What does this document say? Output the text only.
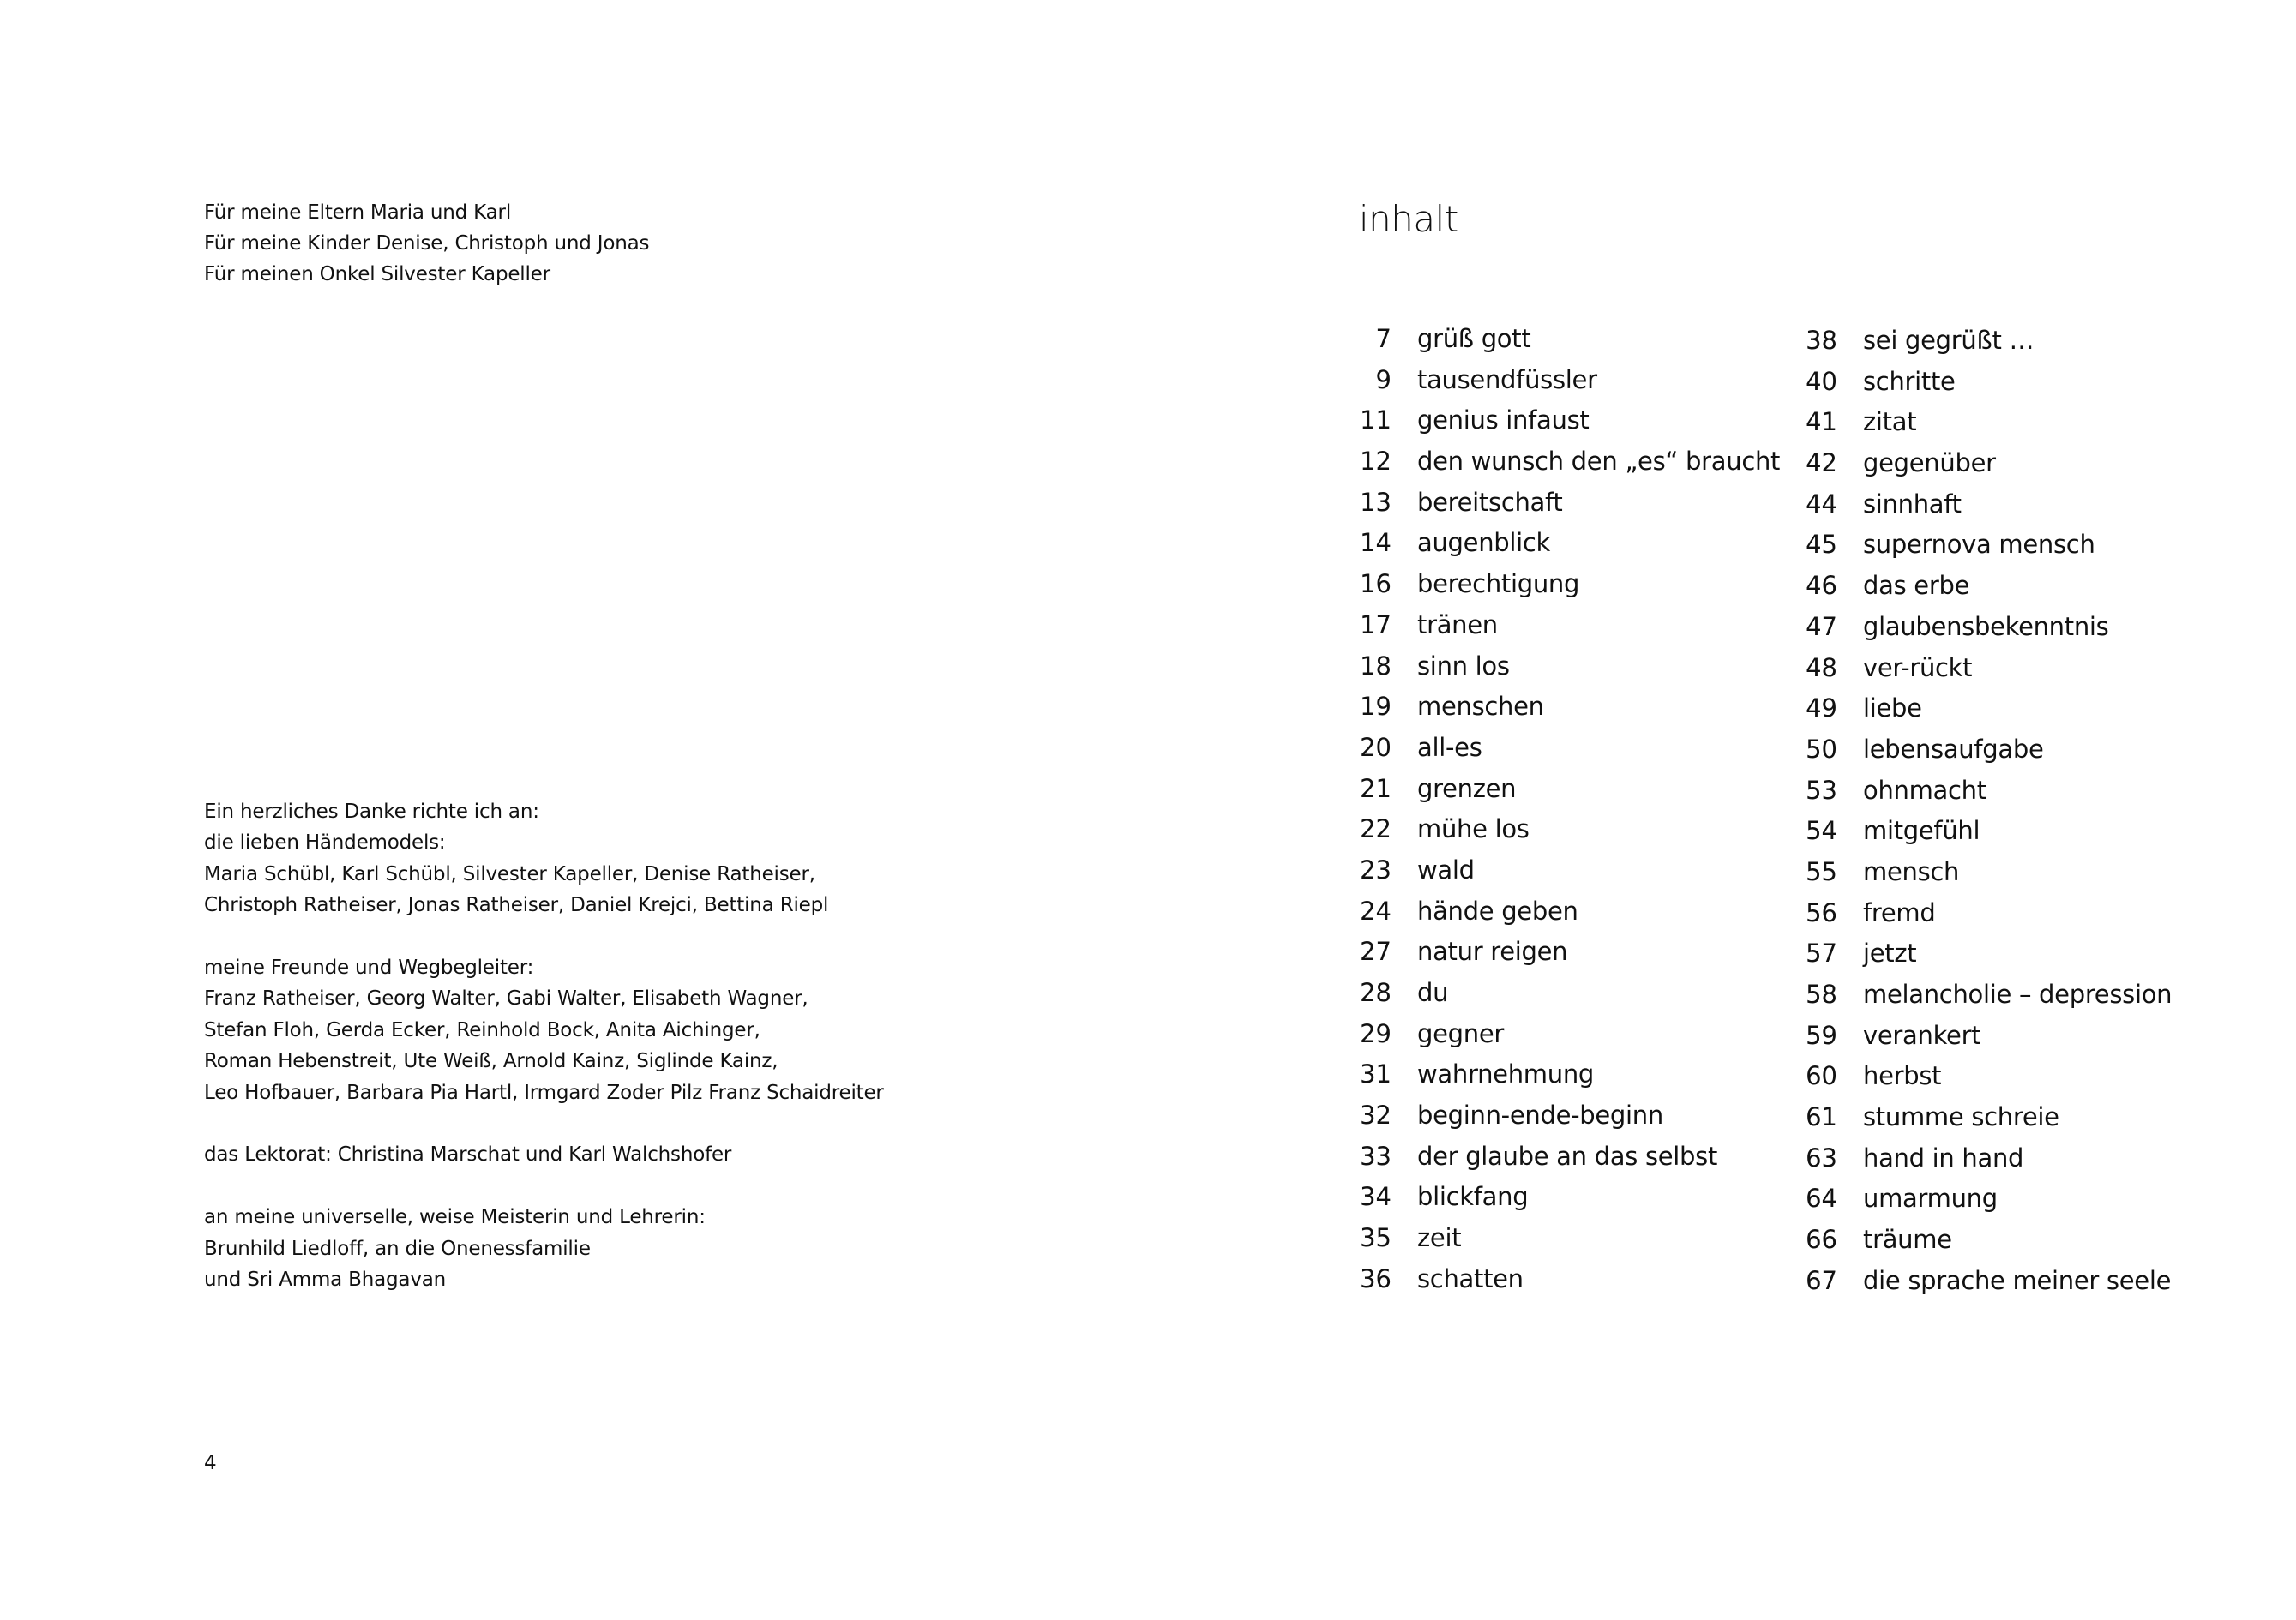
Für meine Eltern Maria und Karl
Für meine Kinder Denise, Christoph und Jonas
Für meinen Onkel Silvester Kapeller
Ein herzliches Danke richte ich an:
die lieben Händemodels:
Maria Schübl, Karl Schübl, Silvester Kapeller, Denise Ratheiser,
Christoph Ratheiser, Jonas Ratheiser, Daniel Krejci, Bettina Riepl
meine Freunde und Wegbegleiter:
Franz Ratheiser, Georg Walter, Gabi Walter, Elisabeth Wagner,
Stefan Floh, Gerda Ecker, Reinhold Bock, Anita Aichinger,
Roman Hebenstreit, Ute Weiß, Arnold Kainz, Siglinde Kainz,
Leo Hofbauer, Barbara Pia Hartl, Irmgard Zoder Pilz Franz Schaidreiter
das Lektorat: Christina Marschat und Karl Walchshofer
an meine universelle, weise Meisterin und Lehrerin:
Brunhild Liedloff, an die Onenessfamilie
und Sri Amma Bhagavan
4
inhalt
7 grüß gott
9 tausendfüssler
11 genius infaust
12 den wunsch den „es“ braucht
13 bereitschaft
14 augenblick
16 berechtigung
17 tränen
18 sinn los
19 menschen
20 all-es
21 grenzen
22 mühe los
23 wald
24 hände geben
27 natur reigen
28 du
29 gegner
31 wahrnehmung
32 beginn-ende-beginn
33 der glaube an das selbst
34 blickfang
35 zeit
36 schatten
38 sei gegrüßt …
40 schritte
41 zitat
42 gegenüber
44 sinnhaft
45 supernova mensch
46 das erbe
47 glaubensbekenntnis
48 ver-rückt
49 liebe
50 lebensaufgabe
53 ohnmacht
54 mitgefühl
55 mensch
56 fremd
57 jetzt
58 melancholie – depression
59 verankert
60 herbst
61 stumme schreie
63 hand in hand
64 umarmung
66 träume
67 die sprache meiner seele
